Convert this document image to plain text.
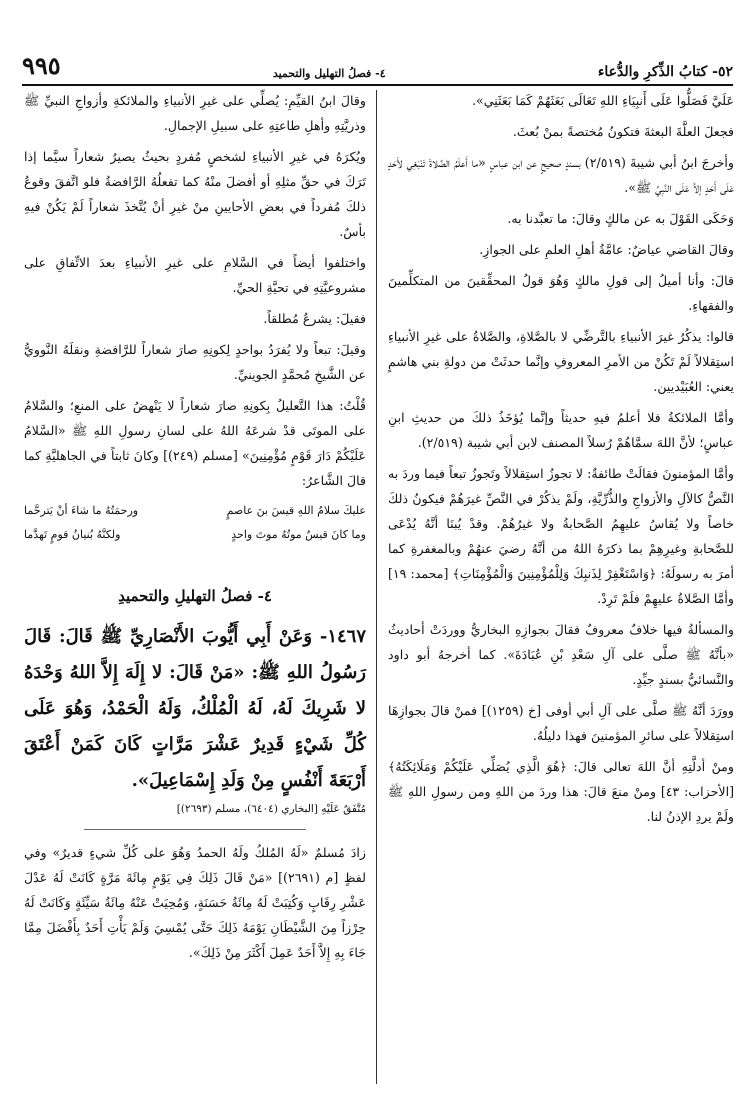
٩٩٥	٤- فصلُ التهليل والتحميد	٥٢- كتابُ الذِّكرِ والدُّعاء

عَلَيَّ فَصَلُّوا عَلَى أَنبِيَاءِ اللهِ تَعَالَى بَعَثَهُمْ كَمَا بَعَثَنِي».

فجعلَ العلَّةَ البعثةَ فتكونُ مُختصةً بمنْ بُعثَ.

وأخرجَ ابنُ أبي شيبةَ (٢/٥١٩) بسندٍ صحيحٍ عن ابن عباسٍ «ما أَعلَمُ الصَّلاةَ تَنْبَغِي لأَحَدٍ عَلَى أَحَدٍ إلاَّ عَلَى النَّبِيِّ ﷺ».

وَحَكَى القَوْلَ به عن مالكٍ وقالَ: ما تعبَّدنا به.

وقالَ القاضي عياضٌ: عامَّةُ أهلِ العلمِ على الجوازِ.

قالَ: وأنا أميلُ إلى قولِ مالكٍ وَهُوَ قولُ المحقِّقينَ من المتكلِّمينَ والفقهاءِ.

قالوا: يذكُرُ غيرَ الأنبياءِ بالتَّرضِّي لا بالصَّلاةِ، والصَّلاةُ على غيرِ الأنبياءِ استِقلالاً لَمْ تَكُنْ من الأمرِ المعروفِ وإنَّما حدثَتْ من دولةِ بني هاشمٍ يعني: العُبَيْديين.

وأمَّا الملائكةُ فلا أعلمُ فيهِ حديثاً وإنَّما يُؤخَذُ ذلكَ من حديثِ ابنِ عباسٍ؛ لأنَّ اللهَ سمَّاهُمْ رُسلاً المصنف لابن أبي شيبة (٢/٥١٩).

وأمَّا المؤمنونَ فقالَتْ طائفةٌ: لا تجوزُ استِقلالاً وتَجوزُ تبعاً فيما وردَ به النَّصُّ كالآلِ والأزواجِ والذُّرِّيَّةِ، ولَمْ يذكُرْ في النَّصِّ غيرَهُمْ فيكونُ ذلكَ خاصاً ولا يُقاسُ عليهِمُ الصَّحابةُ ولا غيرُهُمْ. وقدْ يُبنَا أنَّهُ يُدْعَى للصَّحابةِ وغيرِهِمْ بما ذكرَهُ اللهُ من أنَّهُ رضيَ عنهُمْ وبالمغفرةِ كما أمرَ به رسولَهُ: ﴿وَاسْتَغْفِرْ لِذَنبِكَ وَلِلْمُؤْمِنِينَ وَالْمُؤْمِنَاتِ﴾ [محمد: ١٩] وأمَّا الصَّلاةُ عليهِمْ فلَمْ تَرِدْ.

والمسألةُ فيها خلافٌ معروفٌ فقالَ بجوازِهِ البخاريُّ ووردَتْ أحاديثُ «بأنَّهُ ﷺ صلَّى على آلِ سَعْدِ بْنِ عُبَادَةَ». كما أخرجهُ أبو داود والنَّسائيُّ بسندٍ جيِّدٍ.

وورَدَ أنَّهُ ﷺ صلَّى على آلِ أبي أوفى [خ (١٢٥٩)] فمنْ قالَ بجوازِهَا استِقلالاً على سائرِ المؤمنينَ فهذا دليلُهُ.

ومنْ أدلَّتِهِ أنَّ اللهَ تعالى قالَ: ﴿هُوَ الَّذِي يُصَلِّي عَلَيْكُمْ وَمَلَائِكَتُهُ﴾ [الأحزاب: ٤٣] ومنْ منعَ قالَ: هذا وردَ من اللهِ ومن رسولِ اللهِ ﷺ ولَمْ يردِ الإذنُ لنا.

وقالَ ابنُ القيِّمِ: يُصلِّي على غيرِ الأنبياءِ والملائكةِ وأزواجِ النبيِّ ﷺ وذريَّتِهِ وأهلِ طاعتِهِ على سبيلِ الإجمالِ.

ويُكرَهُ في غيرِ الأنبياءِ لشخصٍ مُفردٍ بحيثُ يصيرُ شعاراً سيَّما إذا تَرَكَ في حقِّ مثلِهِ أو أفضلَ منْهُ كما تفعلُهُ الرَّافضةُ فلو اتَّفقَ وقوعُ ذلكَ مُفرداً في بعضِ الأحايينِ منْ غيرِ أنْ يُتَّخذَ شعاراً لَمْ يَكُنْ فيهِ بأسٌ.

واختلفوا أيضاً في السَّلامِ على غيرِ الأنبياءِ بعدَ الاتِّفاقِ على مشروعيَّتِهِ في تحيَّةِ الحيِّ.

فقيلَ: يشرعُ مُطلقاً.

وقيلَ: تبعاً ولا يُفرَدُ بواحدٍ لِكونِهِ صارَ شعاراً للرَّافضةِ ونقلَهُ النَّوويُّ عن الشَّيخِ مُحمَّدٍ الجوينيِّ.

قُلْتُ: هذا التَّعليلُ بِكونِهِ صارَ شعاراً لا يَنْهضُ على المنعِ؛ والسَّلامُ على الموتَى قدْ شرعَهُ اللهُ على لسانِ رسولِ اللهِ ﷺ «السَّلامُ عَلَيْكُمْ دَارَ قَوْمٍ مُؤْمِنِينَ» [مسلم (٢٤٩)] وكانَ ثابتاً في الجاهليَّةِ كما قالَ الشَّاعرُ:

عليكَ سلامُ اللهِ قيسَ بنَ عاصمٍ
ورحمَتُهُ ما شاءَ أنْ يَترحَّما
وما كانَ قيسٌ موتُهُ موتَ واحدٍ
ولكنَّهُ بُنيانُ قومٍ تَهدَّما
٤- فصلُ التهليلِ والتحميدِ
١٤٦٧- وَعَنْ أَبِي أَيُّوبَ الأَنْصَارِيِّ ﷺ قَالَ: قَالَ رَسُولُ اللهِ ﷺ: «مَنْ قَالَ: لا إِلَهَ إِلاَّ اللهُ وَحْدَهُ لا شَرِيكَ لَهُ، لَهُ الْمُلْكُ، وَلَهُ الْحَمْدُ، وَهُوَ عَلَى كُلِّ شَيْءٍ قَدِيرٌ عَشْرَ مَرَّاتٍ كَانَ كَمَنْ أَعْتَقَ أَرْبَعَةَ أَنْفُسٍ مِنْ وَلَدِ إِسْمَاعِيلَ».
مُتَّفَقٌ عَلَيْهِ [البخاري (٦٤٠٤)، مسلم (٢٦٩٣)]

زادَ مُسلمٌ «لَهُ المُلكُ ولَهُ الحمدُ وَهُوَ على كُلِّ شيءٍ قديرٌ» وفي لفظٍ [م (٢٦٩١)] «مَنْ قَالَ ذَلِكَ فِي يَوْمٍ مِائَةَ مَرَّةٍ كَانَتْ لَهُ عَدْلَ عَشْرِ رِقَابٍ وَكُتِبَتْ لَهُ مِائَةُ حَسَنَةٍ، وَمُحِيَتْ عَنْهُ مِائَةُ سَيِّئَةٍ وَكَانَتْ لَهُ حِرْزاً مِنَ الشَّيْطَانِ يَوْمَهُ ذَلِكَ حَتَّى يُمْسِيَ وَلَمْ يَأْتِ أَحَدٌ بِأَفْضَلَ مِمَّا جَاءَ بِهِ إِلاَّ أَحَدٌ عَمِلَ أَكْثَرَ مِنْ ذَلِكَ».
